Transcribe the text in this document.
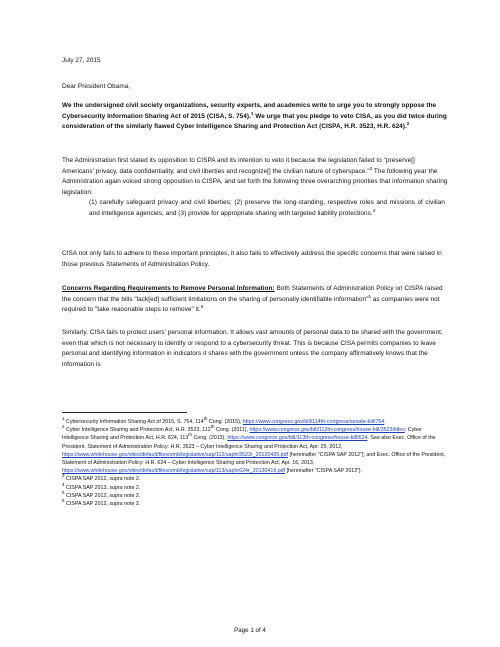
July 27, 2015

Dear President Obama,

We the undersigned civil society organizations, security experts, and academics write to urge you to strongly oppose the Cybersecurity Information Sharing Act of 2015 (CISA, S. 754).$^1$ We urge that you pledge to veto CISA, as you did twice during consideration of the similarly flawed Cyber Intelligence Sharing and Protection Act (CISPA, H.R. 3523, H.R. 624).$^2$

The Administration first stated its opposition to CISPA and its intention to veto it because the legislation failed to "preserve[] Americans' privacy, data confidentiality, and civil liberties and recognize[] the civilian nature of cyberspace."$^3$ The following year the Administration again voiced strong opposition to CISPA, and set forth the following three overarching priorities that information sharing legislation:

(1) carefully safeguard privacy and civil liberties; (2) preserve the long-standing, respective roles and missions of civilian and intelligence agencies; and (3) provide for appropriate sharing with targeted liability protections.$^4$

CISA not only fails to adhere to these important principles, it also fails to effectively address the specific concerns that were raised in those previous Statements of Administration Policy.

Concerns Regarding Requirements to Remove Personal Information: Both Statements of Administration Policy on CISPA raised the concern that the bills "lack[ed] sufficient limitations on the sharing of personally identifiable information"$^5$ as companies were not required to "take reasonable steps to remove" it.$^6$

Similarly, CISA fails to protect users' personal information. It allows vast amounts of personal data to be shared with the government, even that which is not necessary to identify or respond to a cybersecurity threat. This is because CISA permits companies to leave personal and identifying information in indicators it shares with the government unless the company affirmatively knows that the information is

$^1$ Cybersecurity Information Sharing Act of 2015, S. 754, 114th Cong. (2015), https://www.congress.gov/bill/114th-congress/senate-bill/754.

$^2$ Cyber Intelligence Sharing and Protection Act, H.R. 3523, 112th Cong. (2011), https://www.congress.gov/bill/112th-congress/house-bill/3523/titles; Cyber Intelligence Sharing and Protection Act, H.R. 624, 113th Cong. (2013), https://www.congress.gov/bill/113th-congress/house-bill/624. See also Exec. Office of the President, Statement of Administration Policy: H.R. 3523 – Cyber Intelligence Sharing and Protection Act, Apr. 25, 2012,

https://www.whitehouse.gov/sites/default/files/omb/legislative/sap/112/saphr3523r_20120425.pdf [hereinafter "CISPA SAP 2012"]; and Exec. Office of the President, Statement of Administration Policy: H.R. 624 – Cyber Intelligence Sharing and Protection Act, Apr. 16, 2013,

https://www.whitehouse.gov/sites/default/files/omb/legislative/sap/113/saphr624r_20130416.pdf [hereinafter "CISPA SAP 2013"].

$^3$ CISPA SAP 2012, supra note 2.

$^4$ CISPA SAP 2013, supra note 2.

$^5$ CISPA SAP 2012, supra note 2.

$^6$ CISPA SAP 2012, supra note 2.

Page 1 of 4
